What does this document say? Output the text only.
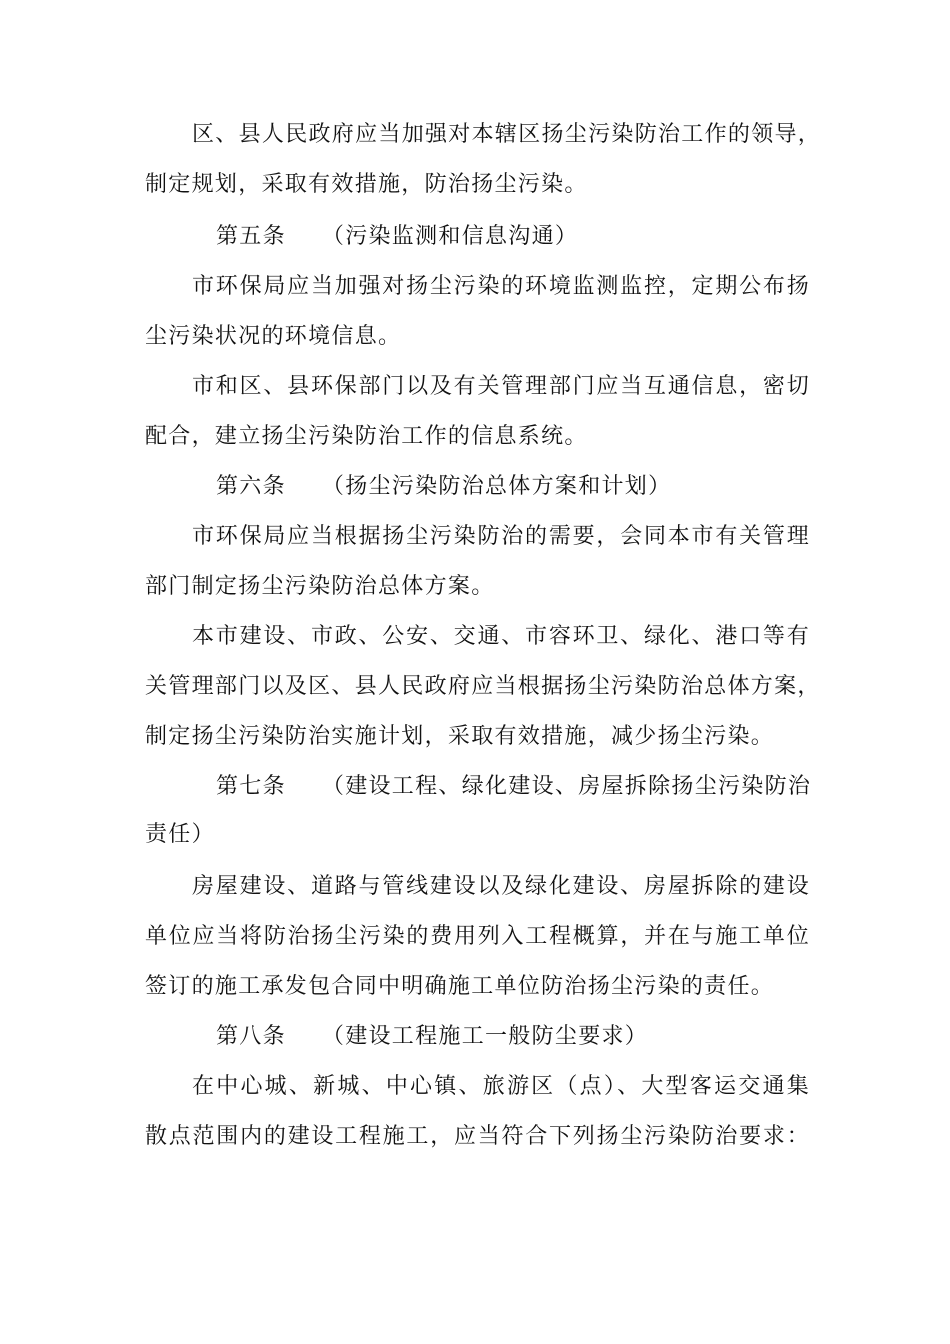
区、县人民政府应当加强对本辖区扬尘污染防治工作的领导，
制定规划，采取有效措施，防治扬尘污染。
第五条 （污染监测和信息沟通）
市环保局应当加强对扬尘污染的环境监测监控，定期公布扬
尘污染状况的环境信息。
市和区、县环保部门以及有关管理部门应当互通信息，密切
配合，建立扬尘污染防治工作的信息系统。
第六条 （扬尘污染防治总体方案和计划）
市环保局应当根据扬尘污染防治的需要，会同本市有关管理
部门制定扬尘污染防治总体方案。
本市建设、市政、公安、交通、市容环卫、绿化、港口等有
关管理部门以及区、县人民政府应当根据扬尘污染防治总体方案，
制定扬尘污染防治实施计划，采取有效措施，减少扬尘污染。
第七条 （建设工程、绿化建设、房屋拆除扬尘污染防治
责任）
房屋建设、道路与管线建设以及绿化建设、房屋拆除的建设
单位应当将防治扬尘污染的费用列入工程概算，并在与施工单位
签订的施工承发包合同中明确施工单位防治扬尘污染的责任。
第八条 （建设工程施工一般防尘要求）
在中心城、新城、中心镇、旅游区（点）、大型客运交通集
散点范围内的建设工程施工，应当符合下列扬尘污染防治要求：
